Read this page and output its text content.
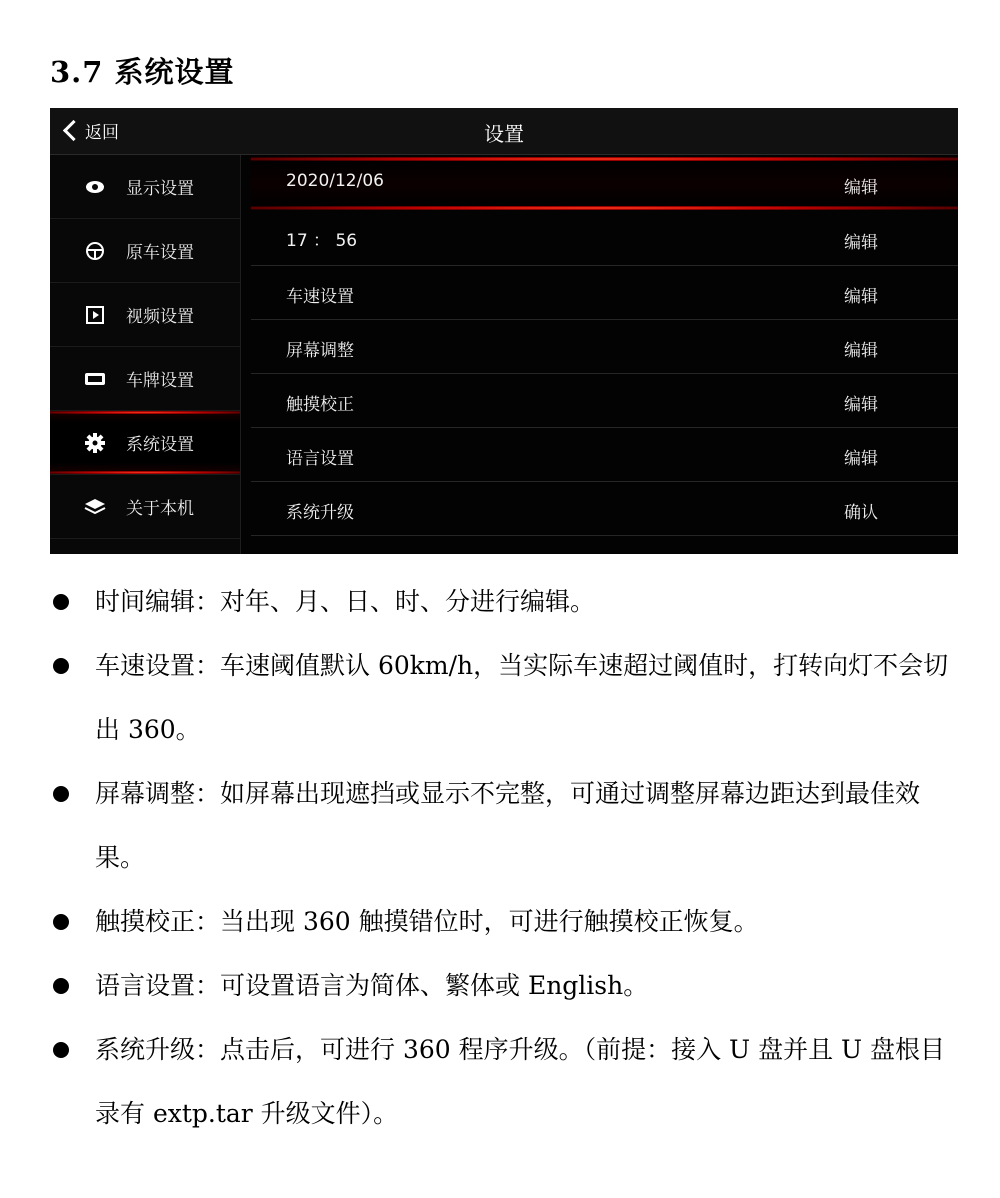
3.7 系统设置
返回	设置
显示设置
原车设置
视频设置
车牌设置
系统设置
关于本机
2020/12/06	编辑
17 ： 56	编辑
车速设置	编辑
屏幕调整	编辑
触摸校正	编辑
语言设置	编辑
系统升级	确认
时间编辑：对年、月、日、时、分进行编辑。
车速设置：车速阈值默认 60km/h，当实际车速超过阈值时，打转向灯不会切出 360。
屏幕调整：如屏幕出现遮挡或显示不完整，可通过调整屏幕边距达到最佳效果。
触摸校正：当出现 360 触摸错位时，可进行触摸校正恢复。
语言设置：可设置语言为简体、繁体或 English。
系统升级：点击后，可进行 360 程序升级。（前提：接入 U 盘并且 U 盘根目录有 extp.tar 升级文件）。
